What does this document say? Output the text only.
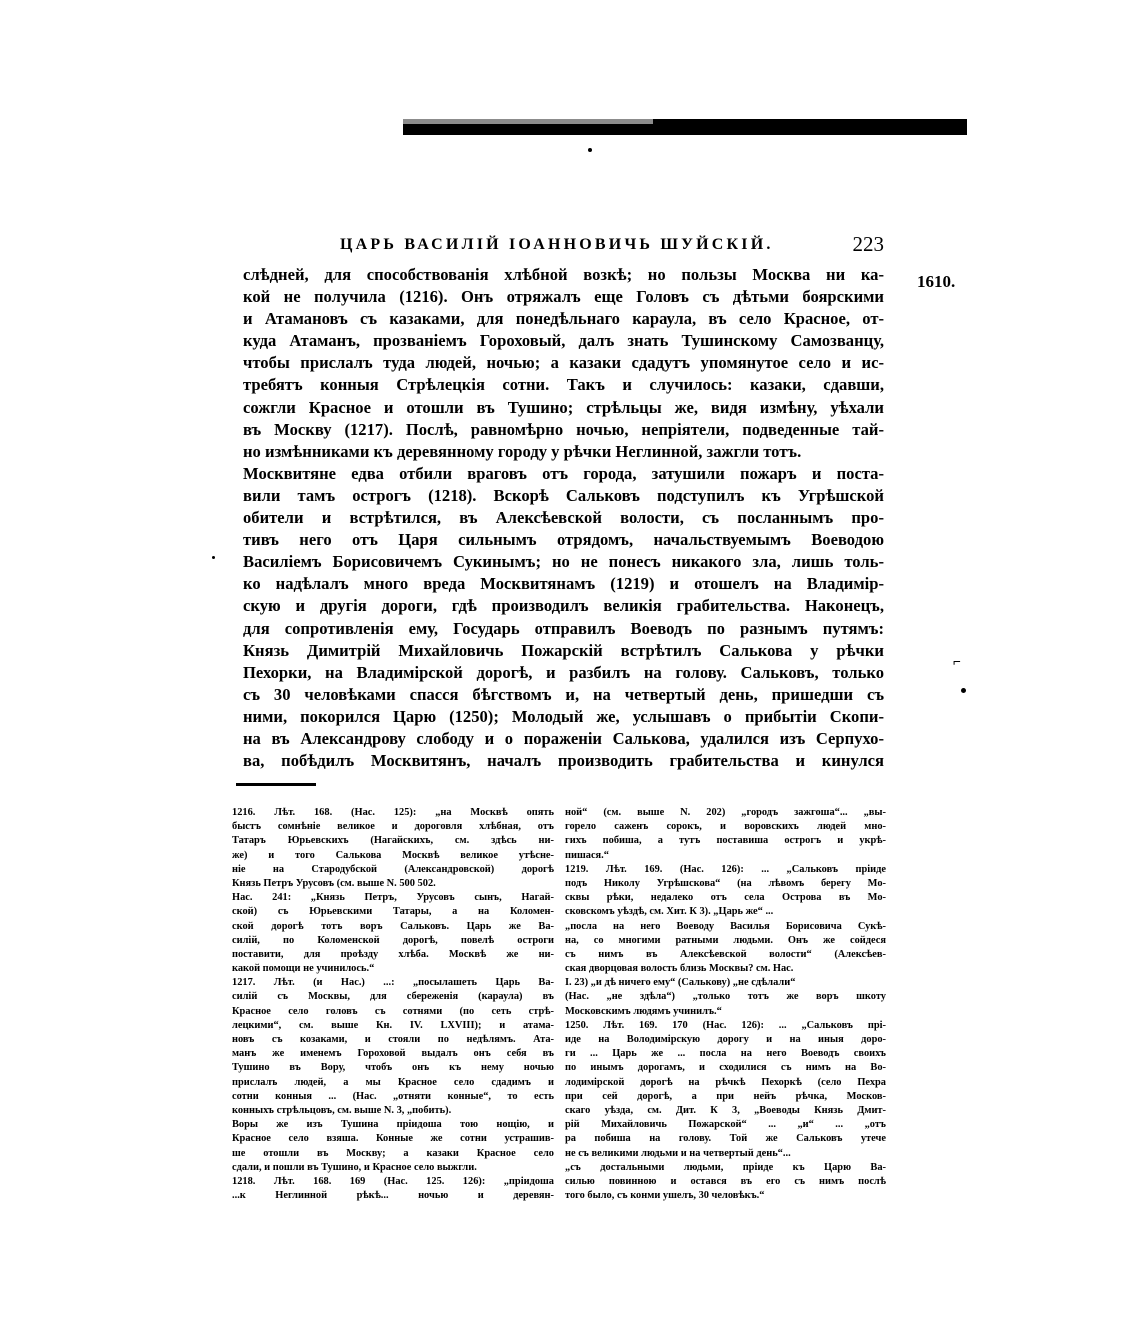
ЦАРЬ ВАСИЛІЙ ІОАННОВИЧЬ ШУЙСКІЙ.	223
1610.
слѣдней, для способствованія хлѣбной возкѣ; но пользы Москва ни ка-
кой не получила (1216). Онъ отряжалъ еще Головъ съ дѣтьми боярскими
и Атамановъ съ казаками, для понедѣльнаго караула, въ село Красное, от-
куда Атаманъ, прозваніемъ Гороховый, далъ знать Тушинскому Самозванцу,
чтобы прислалъ туда людей, ночью; а казаки сдадутъ упомянутое село и ис-
требятъ конныя Стрѣлецкія сотни. Такъ и случилось: казаки, сдавши,
сожгли Красное и отошли въ Тушино; стрѣльцы же, видя измѣну, уѣхали
въ Москву (1217). Послѣ, равномѣрно ночью, непріятели, подведенные тай-
но измѣнниками къ деревянному городу у рѣчки Неглинной, зажгли тотъ.
Москвитяне едва отбили враговъ отъ города, затушили пожаръ и поста-
вили тамъ острогъ (1218). Вскорѣ Сальковъ подступилъ къ Угрѣшской
обители и встрѣтился, въ Алексѣевской волости, съ посланнымъ про-
тивъ него отъ Царя сильнымъ отрядомъ, начальствуемымъ Воеводою
Василіемъ Борисовичемъ Сукинымъ; но не понесъ никакого зла, лишь толь-
ко надѣлалъ много вреда Москвитянамъ (1219) и отошелъ на Владимір-
скую и другія дороги, гдѣ производилъ великія грабительства. Наконецъ,
для сопротивленія ему, Государь отправилъ Воеводъ по разнымъ путямъ:
Князь Димитрій Михайловичь Пожарскій встрѣтилъ Салькова у рѣчки
Пехорки, на Владимірской дорогѣ, и разбилъ на голову. Сальковъ, только
съ 30 человѣками спасся бѣгствомъ и, на четвертый день, пришедши съ
ними, покорился Царю (1250); Молодый же, услышавъ о прибытіи Скопи-
на въ Александрову слободу и о пораженіи Салькова, удалился изъ Серпухо-
ва, побѣдилъ Москвитянъ, началъ производить грабительства и кинулся
⌐
1216. Лѣт. 168. (Нас. 125): „на Москвѣ опять
быстъ сомнѣніе великое и дороговля хлѣбная, отъ
Татаръ Юрьевскихъ (Нагайскихъ, см. здѣсь ни-
же) и того Салькова Москвѣ великое утѣсне-
ніе на Стародубской (Александровской) дорогѣ
Князь Петръ Урусовъ (см. выше N. 500 502.
Нас. 241: „Князь Петръ, Урусовъ сынъ, Нагай-
ской) съ Юрьевскими Татары, а на Коломен-
ской дорогѣ тотъ воръ Сальковъ. Царь же Ва-
силій, по Коломенской дорогѣ, повелѣ остроги
поставити, для проѣзду хлѣба. Москвѣ же ни-
какой помощи не учинилось.“
1217. Лѣт. (и Нас.) ...: „посылашеть Царь Ва-
силій съ Москвы, для сбереженія (караула) въ
Красное село головъ съ сотнями (по сеть стрѣ-
лецкими“, см. выше Кн. IV. LXVIII); и атама-
новъ съ козаками, и стояли по недѣлямъ. Ата-
манъ же именемъ Гороховой выдалъ онъ себя въ
Тушино въ Вору, чтобъ онъ къ нему ночью
прислалъ людей, а мы Красное село сдадимъ и
сотни конныя ... (Нас. „отняти конные“, то есть
конныхъ стрѣльцовъ, см. выше N. 3, „побить).
Воры же изъ Тушина пріидоша тою нощію, и
Красное село взяша. Конные же сотни устрашив-
ше отошли въ Москву; а казаки Красное село
сдали, и пошли въ Тушино, и Красное село выжгли.
1218. Лѣт. 168. 169 (Нас. 125. 126): „пріидоша
...к Неглинной рѣкѣ... ночью и деревян-
ной“ (см. выше N. 202) „городъ зажгоша“... „вы-
горело саженъ сорокъ, и воровскихъ людей мно-
гихъ побиша, а тутъ поставиша острогъ и укрѣ-
пишася.“
1219. Лѣт. 169. (Нас. 126): ... „Сальковъ пріиде
подъ Николу Угрѣшскова“ (на лѣвомъ берегу Мо-
сквы рѣки, недалеко отъ села Острова въ Мо-
сковскомъ уѣздѣ, см. Хит. К 3). „Царь же“ ...
„посла на него Воеводу Василья Борисовича Сукѣ-
на, со многими ратными людьми. Онъ же сойдеся
съ нимъ въ Алексѣевской волости“ (Алексѣев-
ская дворцовая волость близь Москвы? см. Нас.
I. 23) „и дѣ ничего ему“ (Салькову) „не сдѣлали“
(Нас. „не здѣла“) „только тотъ же воръ шкоту
Московскимъ людямъ учинилъ.“
1250. Лѣт. 169. 170 (Нас. 126): ... „Сальковъ прі-
иде на Володимірскую дорогу и на иныя доро-
ги ... Царь же ... посла на него Воеводъ своихъ
по инымъ дорогамъ, и сходилися съ нимъ на Во-
лодимірской дорогѣ на рѣчкѣ Пехоркѣ (село Пехра
при сей дорогѣ, а при нейъ рѣчка, Москов-
скаго уѣзда, см. Дит. К 3, „Воеводы Князь Дмит-
рій Михайловичь Пожарской“ ... „и“ ... „отъ
ра побиша на голову. Той же Сальковъ утече
не съ великими людьми и на четвертый день“...
„съ достальными людьми, пріиде къ Царю Ва-
силью повинною и остався въ его съ нимъ послѣ
того было, съ конми ушелъ, 30 человѣкъ.“
